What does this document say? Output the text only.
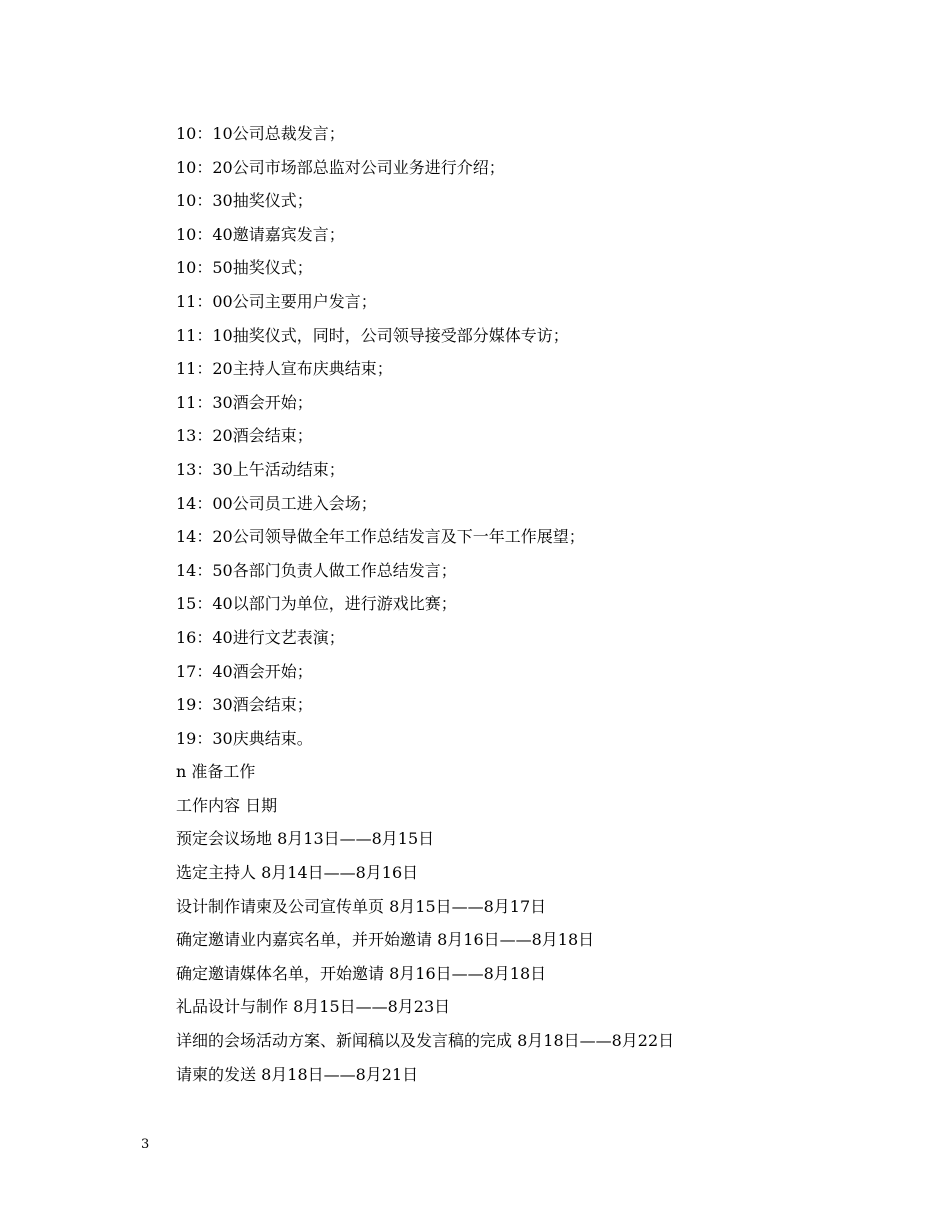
10：10公司总裁发言；
10：20公司市场部总监对公司业务进行介绍；
10：30抽奖仪式；
10：40邀请嘉宾发言；
10：50抽奖仪式；
11：00公司主要用户发言；
11：10抽奖仪式，同时，公司领导接受部分媒体专访；
11：20主持人宣布庆典结束；
11：30酒会开始；
13：20酒会结束；
13：30上午活动结束；
14：00公司员工进入会场；
14：20公司领导做全年工作总结发言及下一年工作展望；
14：50各部门负责人做工作总结发言；
15：40以部门为单位，进行游戏比赛；
16：40进行文艺表演；
17：40酒会开始；
19：30酒会结束；
19：30庆典结束。
n 准备工作
工作内容 日期
预定会议场地 8月13日——8月15日
选定主持人 8月14日——8月16日
设计制作请柬及公司宣传单页 8月15日——8月17日
确定邀请业内嘉宾名单，并开始邀请 8月16日——8月18日
确定邀请媒体名单，开始邀请 8月16日——8月18日
礼品设计与制作 8月15日——8月23日
详细的会场活动方案、新闻稿以及发言稿的完成 8月18日——8月22日
请柬的发送 8月18日——8月21日
3
